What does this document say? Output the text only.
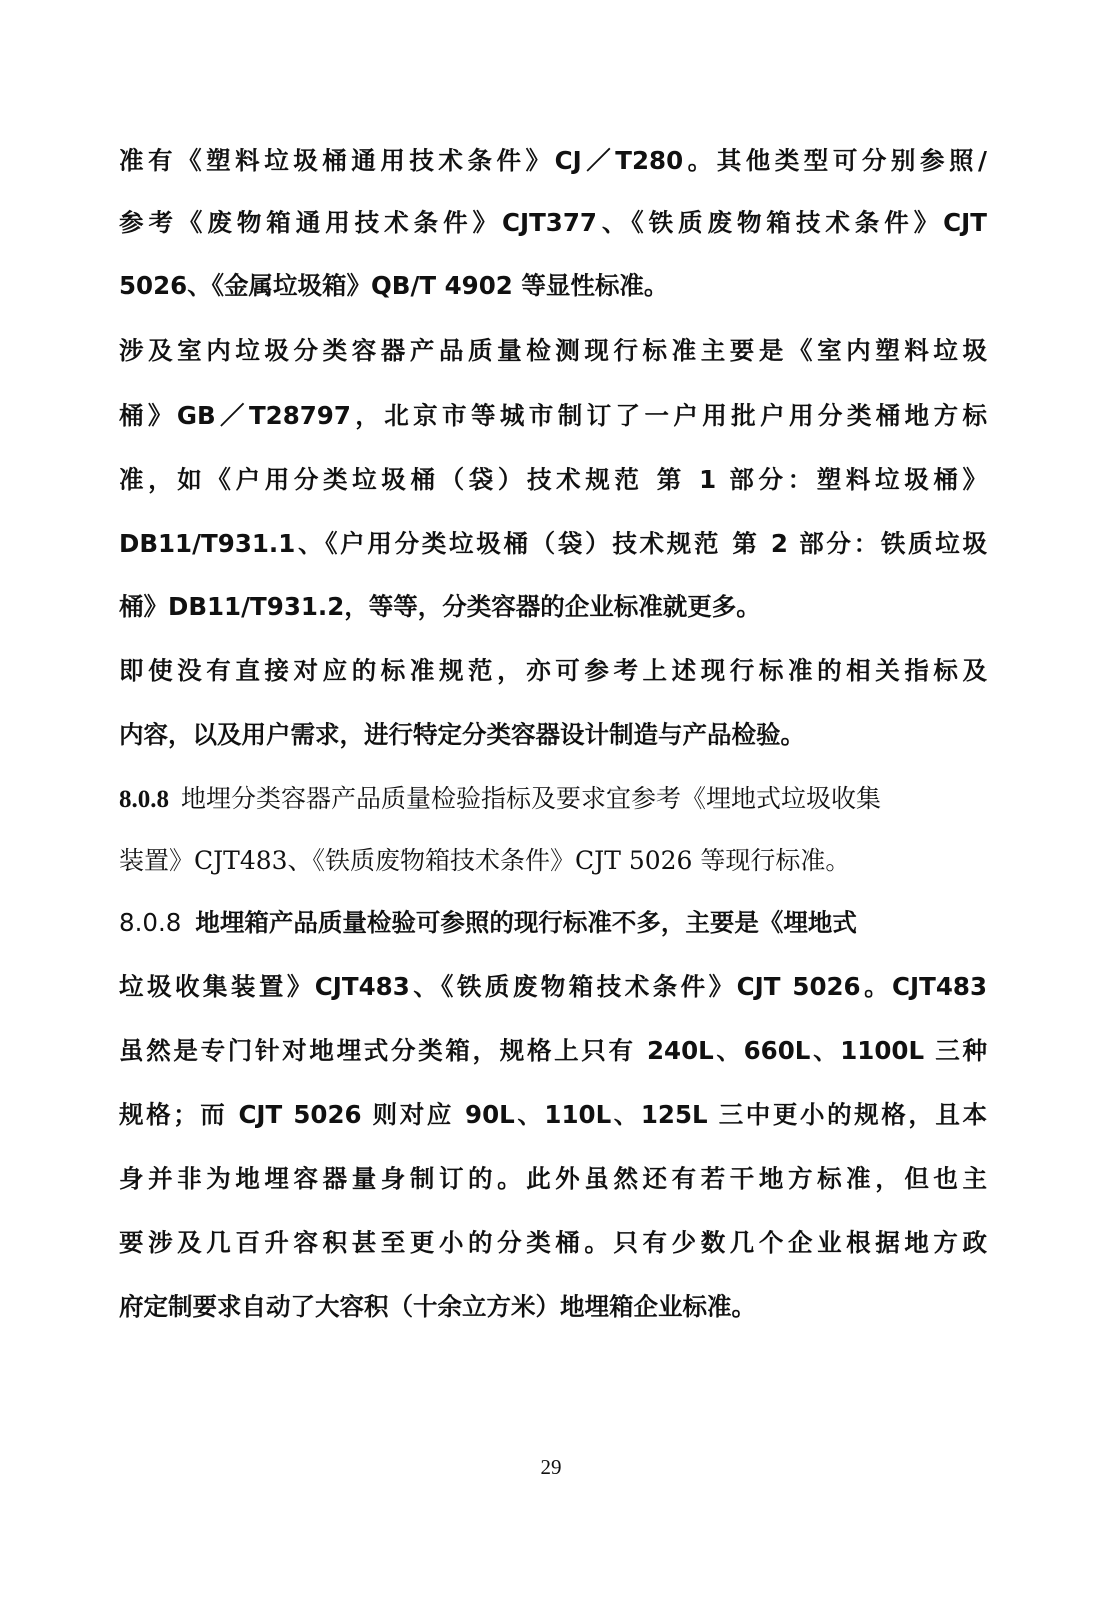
准有《塑料垃圾桶通用技术条件》CJ／T280。其他类型可分别参照/
参考《废物箱通用技术条件》CJT377、《铁质废物箱技术条件》CJT
5026、《金属垃圾箱》QB/T 4902 等显性标准。
涉及室内垃圾分类容器产品质量检测现行标准主要是《室内塑料垃圾
桶》GB／T28797，北京市等城市制订了一户用批户用分类桶地方标
准，如《户用分类垃圾桶（袋）技术规范 第 1 部分：塑料垃圾桶》
DB11/T931.1、《户用分类垃圾桶（袋）技术规范 第 2 部分：铁质垃圾
桶》DB11/T931.2，等等，分类容器的企业标准就更多。
即使没有直接对应的标准规范，亦可参考上述现行标准的相关指标及
内容，以及用户需求，进行特定分类容器设计制造与产品检验。
8.0.8 地埋分类容器产品质量检验指标及要求宜参考《埋地式垃圾收集
装置》CJT483、《铁质废物箱技术条件》CJT 5026 等现行标准。
8.0.8 地埋箱产品质量检验可参照的现行标准不多，主要是《埋地式
垃圾收集装置》CJT483、《铁质废物箱技术条件》CJT 5026。CJT483
虽然是专门针对地埋式分类箱，规格上只有 240L、660L、1100L 三种
规格；而 CJT 5026 则对应 90L、110L、125L 三中更小的规格，且本
身并非为地埋容器量身制订的。此外虽然还有若干地方标准，但也主
要涉及几百升容积甚至更小的分类桶。只有少数几个企业根据地方政
府定制要求自动了大容积（十余立方米）地埋箱企业标准。
29
